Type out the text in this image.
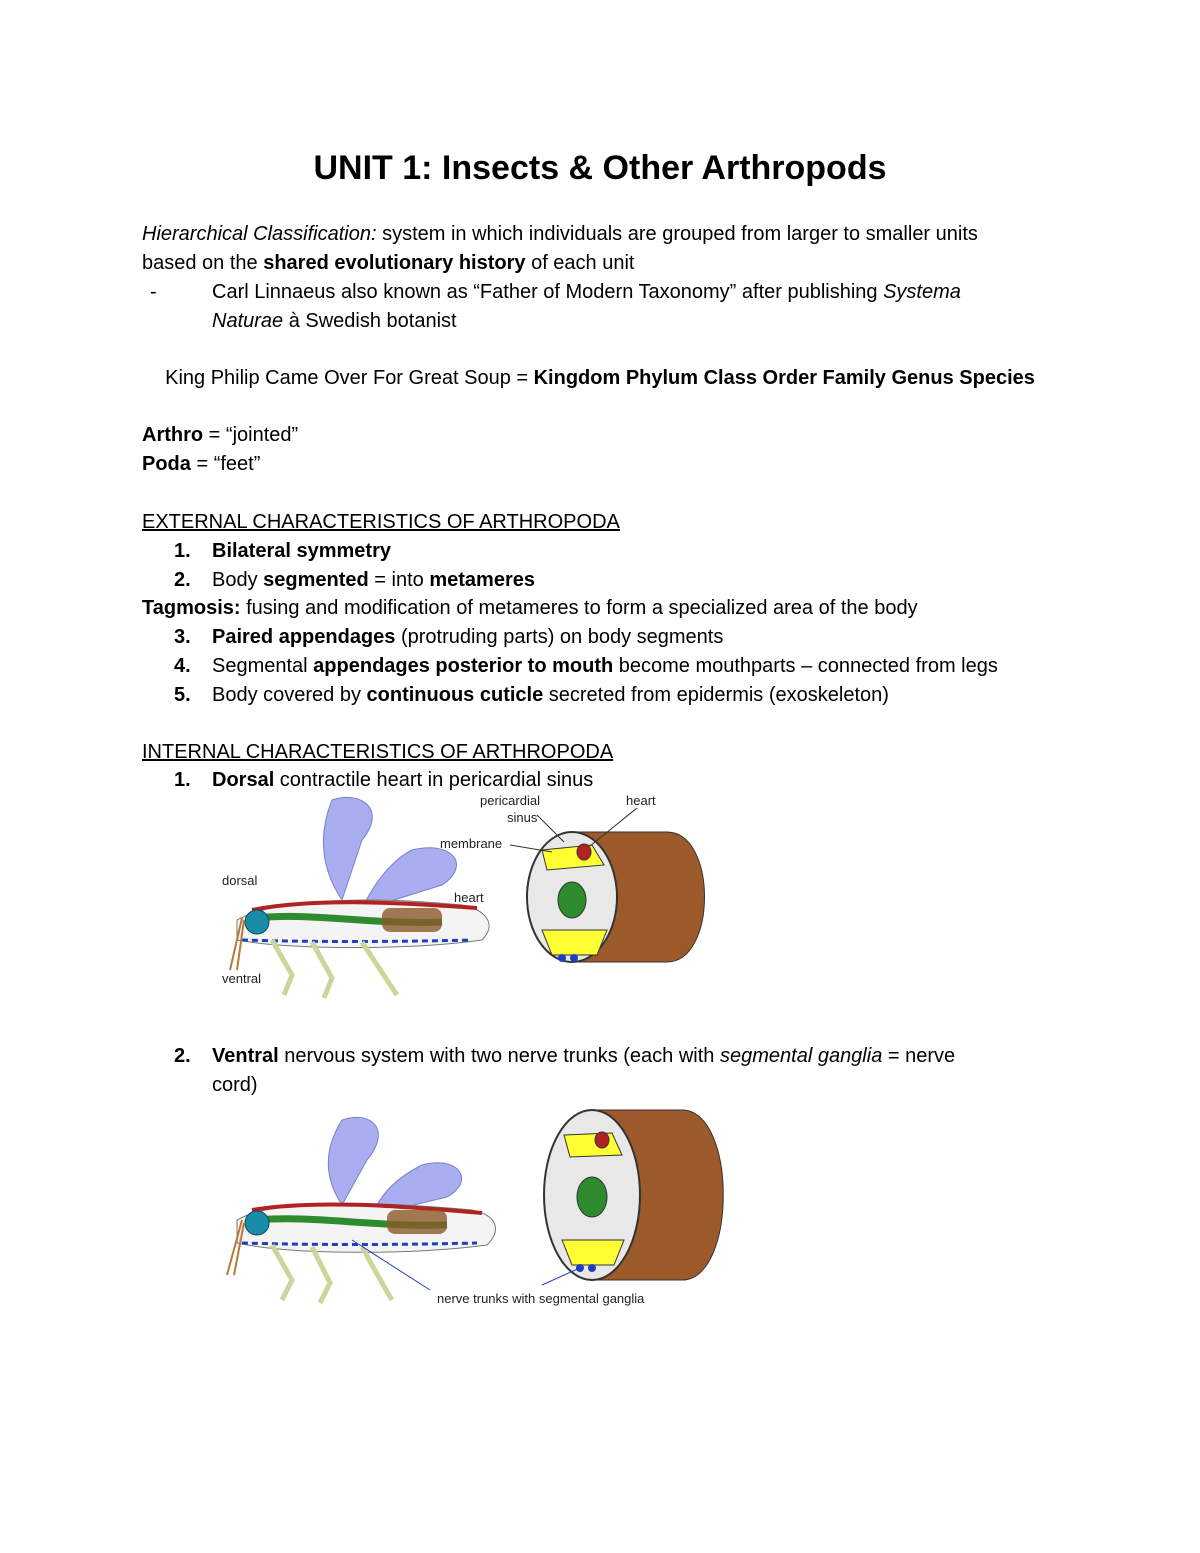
UNIT 1: Insects & Other Arthropods
Hierarchical Classification: system in which individuals are grouped from larger to smaller units
based on the shared evolutionary history of each unit
-	Carl Linnaeus also known as “Father of Modern Taxonomy” after publishing Systema
Naturae à Swedish botanist
King Philip Came Over For Great Soup = Kingdom Phylum Class Order Family Genus Species
Arthro = “jointed”
Poda = “feet”
EXTERNAL CHARACTERISTICS OF ARTHROPODA
1. Bilateral symmetry
2. Body segmented = into metameres
Tagmosis: fusing and modification of metameres to form a specialized area of the body
3. Paired appendages (protruding parts) on body segments
4. Segmental appendages posterior to mouth become mouthparts – connected from legs
5. Body covered by continuous cuticle secreted from epidermis (exoskeleton)
INTERNAL CHARACTERISTICS OF ARTHROPODA
1. Dorsal contractile heart in pericardial sinus
dorsal
ventral
heart
pericardial
sinus
membrane
heart
2. Ventral nervous system with two nerve trunks (each with segmental ganglia = nerve
cord)
nerve trunks with segmental ganglia
